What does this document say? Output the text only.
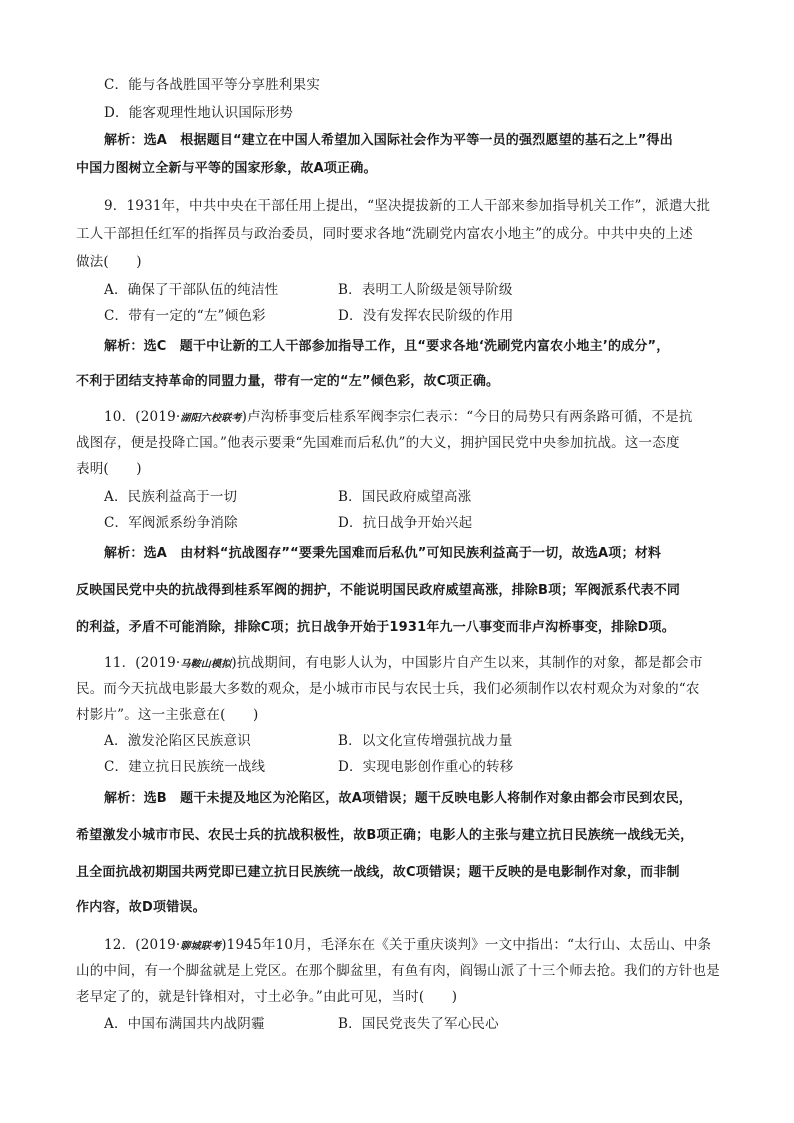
C．能与各战胜国平等分享胜利果实
D．能客观理性地认识国际形势
解析：选A　根据题目“建立在中国人希望加入国际社会作为平等一员的强烈愿望的基石之上”得出
中国力图树立全新与平等的国家形象，故A项正确。
9．1931年，中共中央在干部任用上提出，“坚决提拔新的工人干部来参加指导机关工作”，派遣大批
工人干部担任红军的指挥员与政治委员，同时要求各地“洗刷党内富农小地主”的成分。中共中央的上述
做法(　　)
A．确保了干部队伍的纯洁性	B．表明工人阶级是领导阶级
C．带有一定的“左”倾色彩	D．没有发挥农民阶级的作用
解析：选C　题干中让新的工人干部参加指导工作，且“要求各地‘洗刷党内富农小地主’的成分”，
不利于团结支持革命的同盟力量，带有一定的“左”倾色彩，故C项正确。
10．(2019·湖阳六校联考)卢沟桥事变后桂系军阀李宗仁表示：“今日的局势只有两条路可循，不是抗
战图存，便是投降亡国。”他表示要秉“先国难而后私仇”的大义，拥护国民党中央参加抗战。这一态度
表明(　　)
A．民族利益高于一切	B．国民政府威望高涨
C．军阀派系纷争消除	D．抗日战争开始兴起
解析：选A　由材料“抗战图存”“要秉先国难而后私仇”可知民族利益高于一切，故选A项；材料
反映国民党中央的抗战得到桂系军阀的拥护，不能说明国民政府威望高涨，排除B项；军阀派系代表不同
的利益，矛盾不可能消除，排除C项；抗日战争开始于1931年九一八事变而非卢沟桥事变，排除D项。
11．(2019·马鞍山模拟)抗战期间，有电影人认为，中国影片自产生以来，其制作的对象，都是都会市
民。而今天抗战电影最大多数的观众，是小城市市民与农民士兵，我们必须制作以农村观众为对象的“农
村影片”。这一主张意在(　　)
A．激发沦陷区民族意识	B．以文化宣传增强抗战力量
C．建立抗日民族统一战线	D．实现电影创作重心的转移
解析：选B　题干未提及地区为沦陷区，故A项错误；题干反映电影人将制作对象由都会市民到农民，
希望激发小城市市民、农民士兵的抗战积极性，故B项正确；电影人的主张与建立抗日民族统一战线无关，
且全面抗战初期国共两党即已建立抗日民族统一战线，故C项错误；题干反映的是电影制作对象，而非制
作内容，故D项错误。
12．(2019·聊城联考)1945年10月，毛泽东在《关于重庆谈判》一文中指出：“太行山、太岳山、中条
山的中间，有一个脚盆就是上党区。在那个脚盆里，有鱼有肉，阎锡山派了十三个师去抢。我们的方针也是
老早定了的，就是针锋相对，寸土必争。”由此可见，当时(　　)
A．中国布满国共内战阴霾	B．国民党丧失了军心民心
